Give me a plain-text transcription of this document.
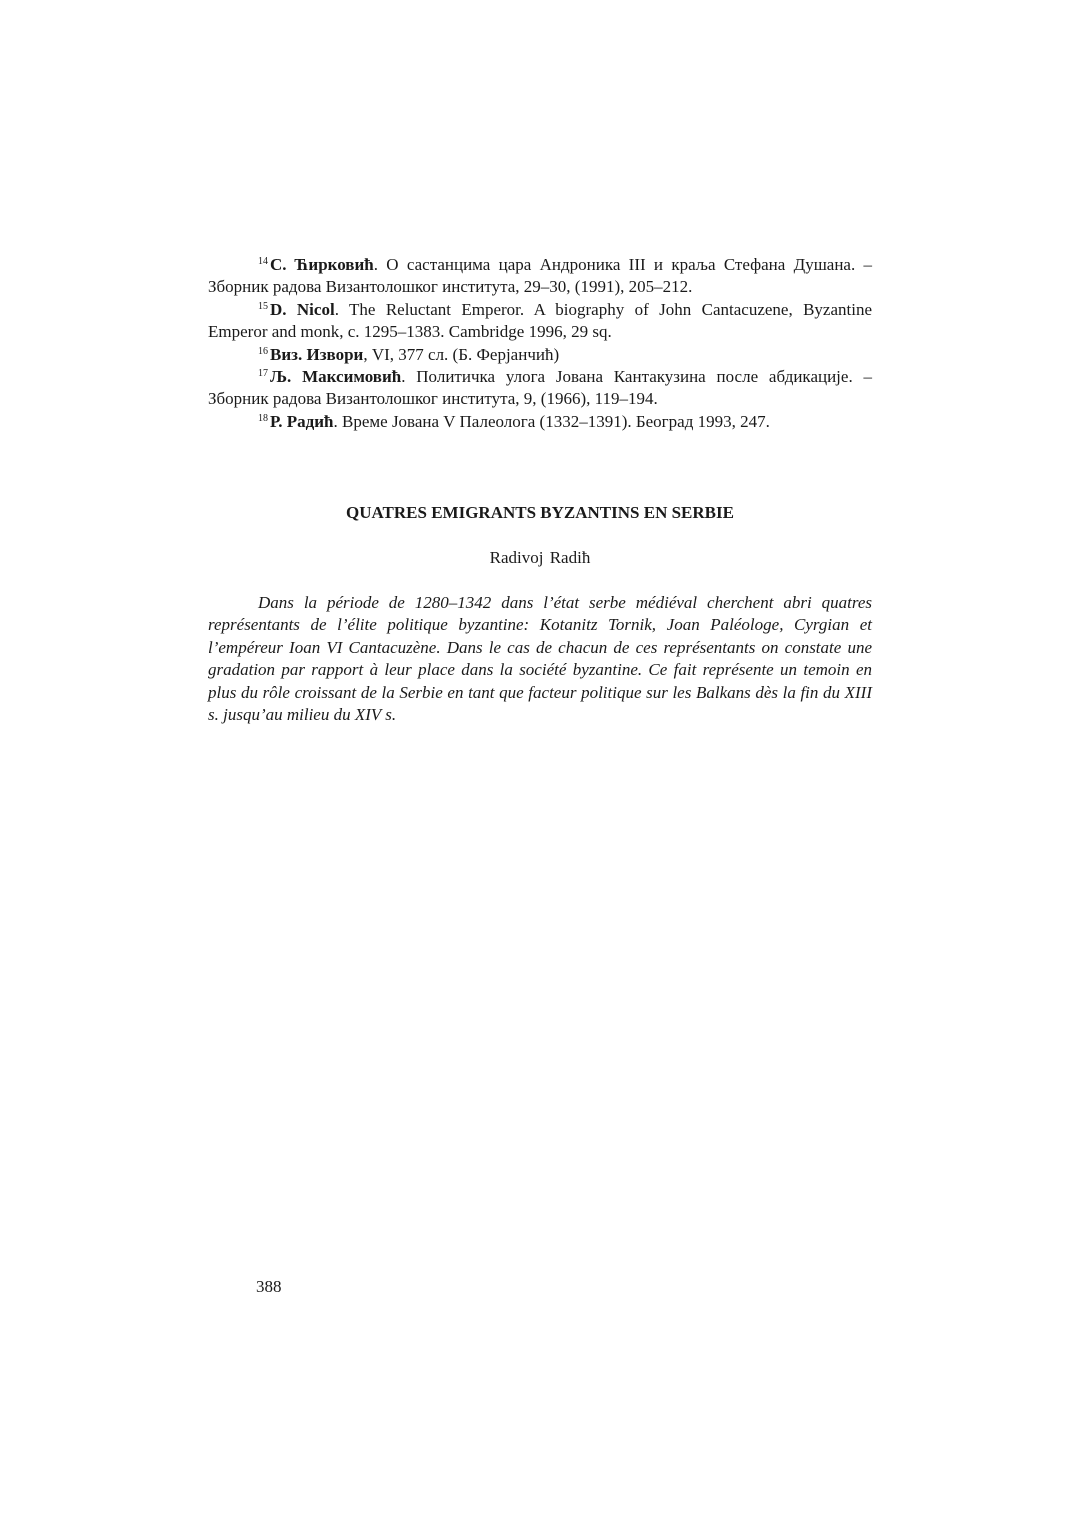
$^{14}$ С. Ћирковић. О састанцима цара Андроника III и краља Стефана Душана. – Зборник радова Византолошког института, 29–30, (1991), 205–212.

$^{15}$ D. Nicol. The Reluctant Emperor. A biography of John Cantacuzene, Byzantine Emperor and monk, c. 1295–1383. Cambridge 1996, 29 sq.

$^{16}$ Виз. Извори, VI, 377 сл. (Б. Ферјанчић)

$^{17}$ Љ. Максимовић. Политичка улога Јована Кантакузина после абдикације. – Зборник радова Византолошког института, 9, (1966), 119–194.

$^{18}$ Р. Радић. Време Јована V Палеолога (1332–1391). Београд 1993, 247.

QUATRES EMIGRANTS BYZANTINS EN SERBIE

Radivoj Radiћ

Dans la période de 1280–1342 dans l’état serbe médiéval cherchent abri quatres représentants de l’élite politique byzantine: Kotanitz Tornik, Joan Paléologe, Cyrgian et l’empéreur Ioan VI Cantacuzène. Dans le cas de chacun de ces représentants on constate une gradation par rapport à leur place dans la société byzantine. Ce fait représente un temoin en plus du rôle croissant de la Serbie en tant que facteur politique sur les Balkans dès la fin du XIII s. jusqu’au milieu du XIV s.

388
